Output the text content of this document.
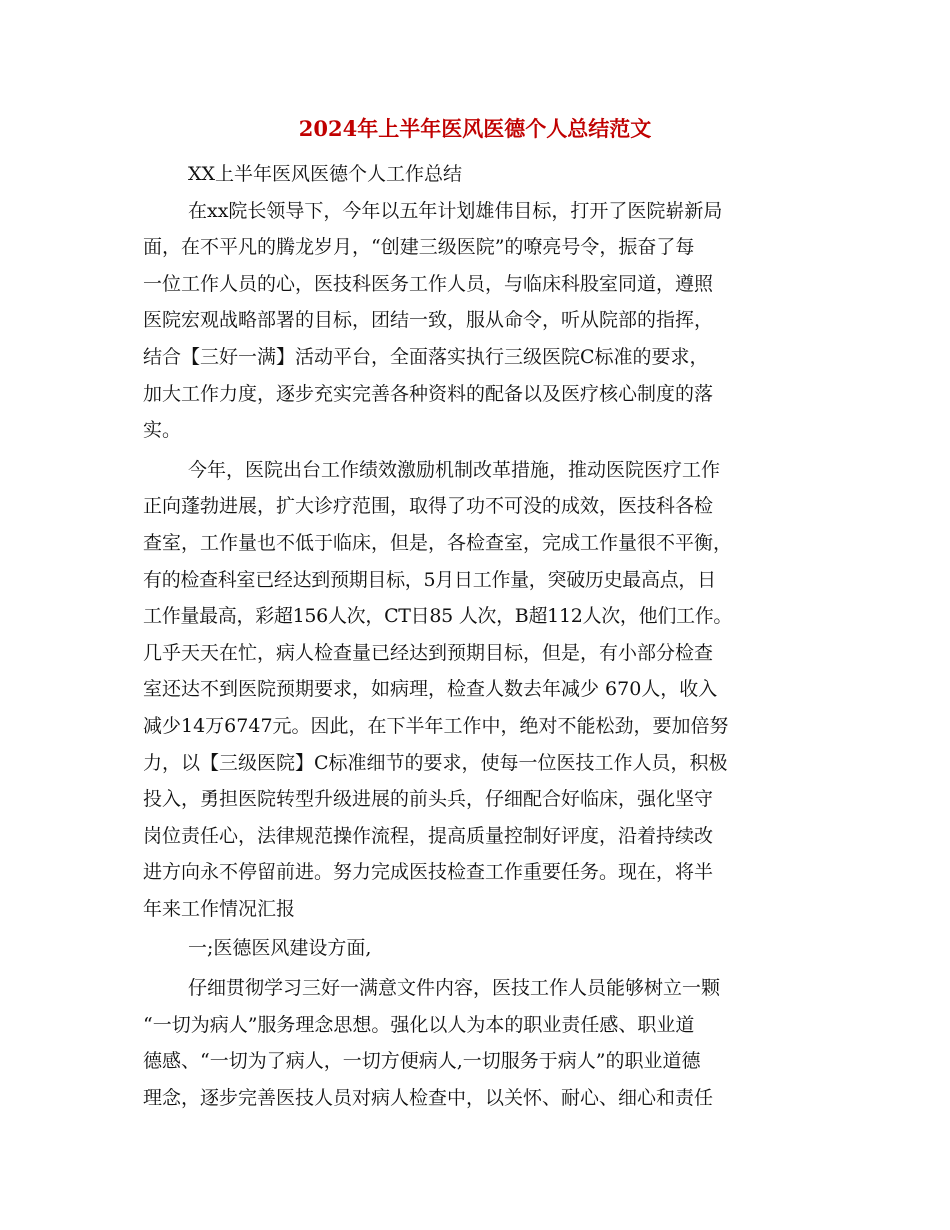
2024年上半年医风医德个人总结范文
XX上半年医风医德个人工作总结
在xx院长领导下，今年以五年计划雄伟目标，打开了医院崭新局
面，在不平凡的腾龙岁月，“创建三级医院”的嘹亮号令，振奋了每
一位工作人员的心，医技科医务工作人员，与临床科股室同道，遵照
医院宏观战略部署的目标，团结一致，服从命令，听从院部的指挥，
结合【三好一满】活动平台，全面落实执行三级医院C标准的要求，
加大工作力度，逐步充实完善各种资料的配备以及医疗核心制度的落
实。
今年，医院出台工作绩效激励机制改革措施，推动医院医疗工作
正向蓬勃进展，扩大诊疗范围，取得了功不可没的成效，医技科各检
查室，工作量也不低于临床，但是，各检查室，完成工作量很不平衡，
有的检查科室已经达到预期目标，5月日工作量，突破历史最高点，日
工作量最高，彩超156人次，CT日85 人次，B超112人次，他们工作。
几乎天天在忙，病人检查量已经达到预期目标，但是，有小部分检查
室还达不到医院预期要求，如病理，检查人数去年减少 670人，收入
减少14万6747元。因此，在下半年工作中，绝对不能松劲，要加倍努
力，以【三级医院】C标准细节的要求，使每一位医技工作人员，积极
投入，勇担医院转型升级进展的前头兵，仔细配合好临床，强化坚守
岗位责任心，法律规范操作流程，提高质量控制好评度，沿着持续改
进方向永不停留前进。努力完成医技检查工作重要任务。现在，将半
年来工作情况汇报
一;医德医风建设方面,
仔细贯彻学习三好一满意文件内容，医技工作人员能够树立一颗
“一切为病人”服务理念思想。强化以人为本的职业责任感、职业道
德感、“一切为了病人，一切方便病人,一切服务于病人”的职业道德
理念，逐步完善医技人员对病人检查中，以关怀、耐心、细心和责任
